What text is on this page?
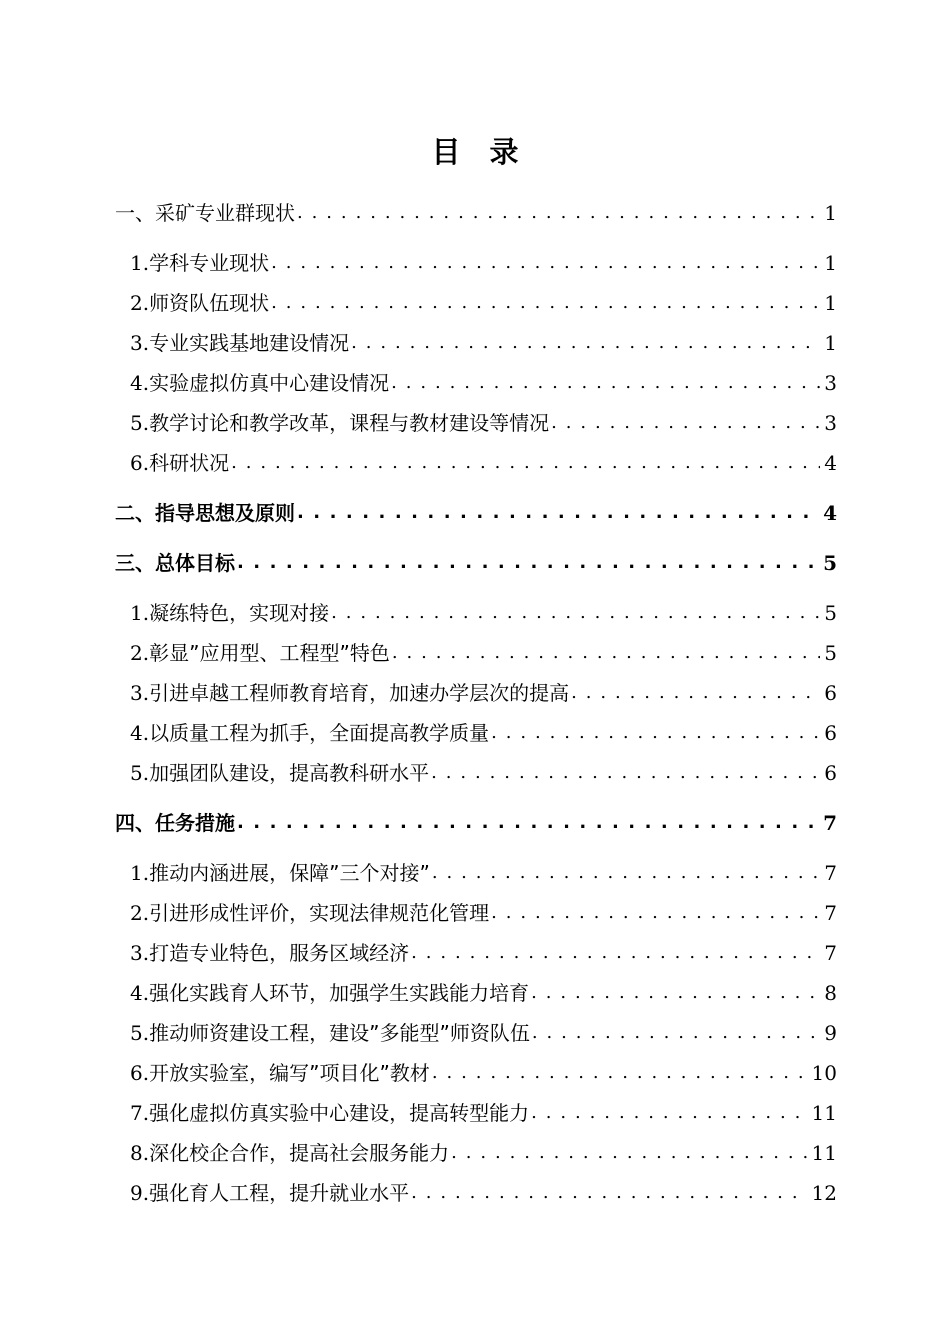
目　录
一、采矿专业群现状 . . .	1
1.学科专业现状 . . .	1
2.师资队伍现状 . . .	1
3.专业实践基地建设情况 . . .	1
4.实验虚拟仿真中心建设情况 . . .	3
5.教学讨论和教学改革，课程与教材建设等情况 . . .	3
6.科研状况 . . .	4
二、指导思想及原则 . . .	4
三、总体目标 . . .	5
1.凝练特色，实现对接 . . .	5
2.彰显”应用型、工程型”特色 . . .	5
3.引进卓越工程师教育培育，加速办学层次的提高 . . .	6
4.以质量工程为抓手，全面提高教学质量 . . .	6
5.加强团队建设，提高教科研水平 . . .	6
四、任务措施 . . .	7
1.推动内涵进展，保障”三个对接” . . .	7
2.引进形成性评价，实现法律规范化管理 . . .	7
3.打造专业特色，服务区域经济 . . .	7
4.强化实践育人环节，加强学生实践能力培育 . . .	8
5.推动师资建设工程，建设”多能型”师资队伍 . . .	9
6.开放实验室，编写”项目化”教材 . . .	10
7.强化虚拟仿真实验中心建设，提高转型能力 . . .	11
8.深化校企合作，提高社会服务能力 . . .	11
9.强化育人工程，提升就业水平 . . .	12
